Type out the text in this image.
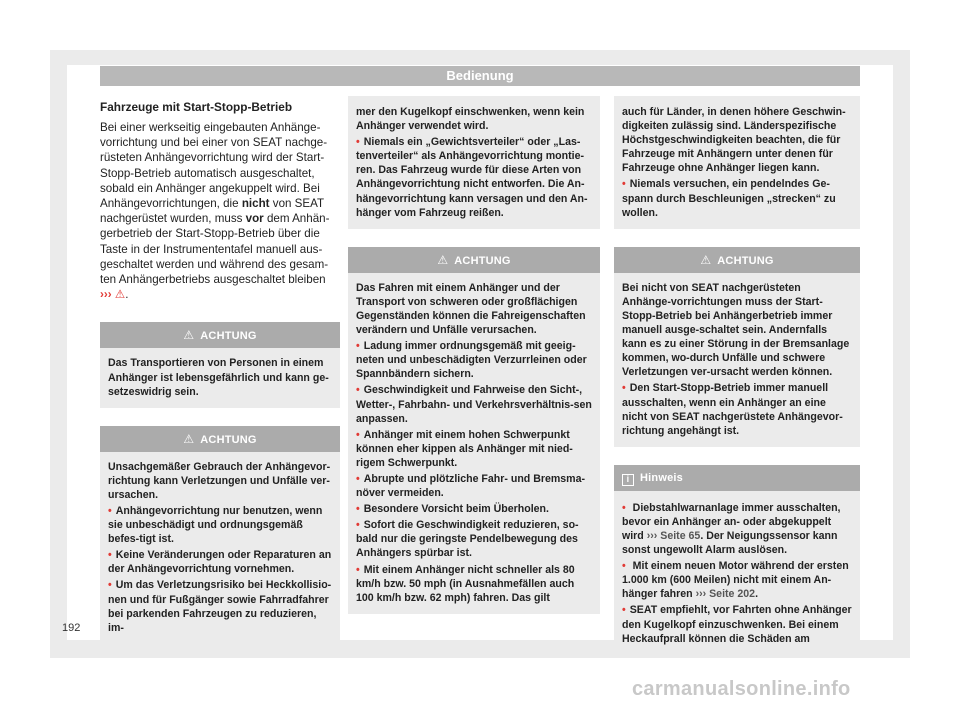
Bedienung
Fahrzeuge mit Start-Stopp-Betrieb
Bei einer werkseitig eingebauten Anhänge-vorrichtung und bei einer von SEAT nachge-rüsteten Anhängevorrichtung wird der Start-Stopp-Betrieb automatisch ausgeschaltet, sobald ein Anhänger angekuppelt wird. Bei Anhängevorrichtungen, die nicht von SEAT nachgerüstet wurden, muss vor dem Anhän-gerbetrieb der Start-Stopp-Betrieb über die Taste in der Instrumententafel manuell aus-geschaltet werden und während des gesam-ten Anhängerbetriebs ausgeschaltet bleiben ››› ⚠.
⚠ ACHTUNG
Das Transportieren von Personen in einem Anhänger ist lebensgefährlich und kann ge-setzeswidrig sein.
⚠ ACHTUNG
Unsachgemäßer Gebrauch der Anhängevor-richtung kann Verletzungen und Unfälle ver-ursachen.
• Anhängevorrichtung nur benutzen, wenn sie unbeschädigt und ordnungsgemäß befes-tigt ist.
• Keine Veränderungen oder Reparaturen an der Anhängevorrichtung vornehmen.
• Um das Verletzungsrisiko bei Heckkollisio-nen und für Fußgänger sowie Fahrradfahrer bei parkenden Fahrzeugen zu reduzieren, im-
mer den Kugelkopf einschwenken, wenn kein Anhänger verwendet wird.
• Niemals ein „Gewichtsverteiler“ oder „Las-tenverteiler“ als Anhängevorrichtung montie-ren. Das Fahrzeug wurde für diese Arten von Anhängevorrichtung nicht entworfen. Die An-hängevorrichtung kann versagen und den An-hänger vom Fahrzeug reißen.
⚠ ACHTUNG
Das Fahren mit einem Anhänger und der Transport von schweren oder großflächigen Gegenständen können die Fahreigenschaften verändern und Unfälle verursachen.
• Ladung immer ordnungsgemäß mit geeig-neten und unbeschädigten Verzurrleinen oder Spannbändern sichern.
• Geschwindigkeit und Fahrweise den Sicht-, Wetter-, Fahrbahn- und Verkehrsverhältnis-sen anpassen.
• Anhänger mit einem hohen Schwerpunkt können eher kippen als Anhänger mit nied-rigem Schwerpunkt.
• Abrupte und plötzliche Fahr- und Bremsma-növer vermeiden.
• Besondere Vorsicht beim Überholen.
• Sofort die Geschwindigkeit reduzieren, so-bald nur die geringste Pendelbewegung des Anhängers spürbar ist.
• Mit einem Anhänger nicht schneller als 80 km/h bzw. 50 mph (in Ausnahmefällen auch 100 km/h bzw. 62 mph) fahren. Das gilt
auch für Länder, in denen höhere Geschwin-digkeiten zulässig sind. Länderspezifische Höchstgeschwindigkeiten beachten, die für Fahrzeuge mit Anhängern unter denen für Fahrzeuge ohne Anhänger liegen kann.
• Niemals versuchen, ein pendelndes Ge-spann durch Beschleunigen „strecken“ zu wollen.
⚠ ACHTUNG
Bei nicht von SEAT nachgerüsteten Anhänge-vorrichtungen muss der Start-Stopp-Betrieb bei Anhängerbetrieb immer manuell ausge-schaltet sein. Andernfalls kann es zu einer Störung in der Bremsanlage kommen, wo-durch Unfälle und schwere Verletzungen ver-ursacht werden können.
• Den Start-Stopp-Betrieb immer manuell ausschalten, wenn ein Anhänger an eine nicht von SEAT nachgerüstete Anhängevor-richtung angehängt ist.
i Hinweis
• Diebstahlwarnanlage immer ausschalten, bevor ein Anhänger an- oder abgekuppelt wird ››› Seite 65. Der Neigungssensor kann sonst ungewollt Alarm auslösen.
• Mit einem neuen Motor während der ersten 1.000 km (600 Meilen) nicht mit einem An-hänger fahren ››› Seite 202.
• SEAT empfiehlt, vor Fahrten ohne Anhänger den Kugelkopf einzuschwenken. Bei einem Heckaufprall können die Schäden am
192
carmanualsonline.info
